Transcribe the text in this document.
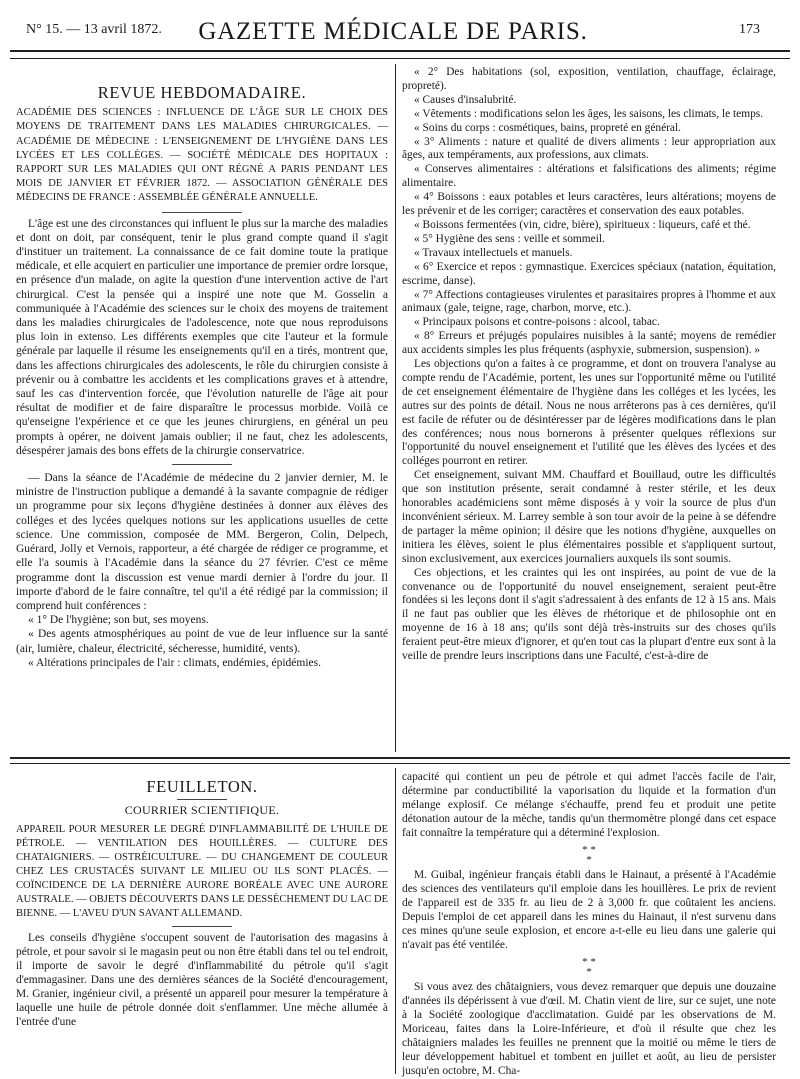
N° 15. — 13 avril 1872.	GAZETTE MÉDICALE DE PARIS.	173
REVUE HEBDOMADAIRE.

ACADÉMIE DES SCIENCES : INFLUENCE DE L'ÂGE SUR LE CHOIX DES MOYENS DE TRAITEMENT DANS LES MALADIES CHIRURGICALES. — ACADÉMIE DE MÉDECINE : L'ENSEIGNEMENT DE L'HYGIÈNE DANS LES LYCÉES ET LES COLLÈGES. — SOCIÉTÉ MÉDICALE DES HOPITAUX : RAPPORT SUR LES MALADIES QUI ONT RÉGNÉ A PARIS PENDANT LES MOIS DE JANVIER ET FÉVRIER 1872. — ASSOCIATION GÉNÉRALE DES MÉDECINS DE FRANCE : ASSEMBLÉE GÉNÉRALE ANNUELLE.

L'âge est une des circonstances qui influent le plus sur la marche des maladies et dont on doit, par conséquent, tenir le plus grand compte quand il s'agit d'instituer un traitement. La connaissance de ce fait domine toute la pratique médicale, et elle acquiert en particulier une importance de premier ordre lorsque, en présence d'un malade, on agite la question d'une intervention active de l'art chirurgical. C'est la pensée qui a inspiré une note que M. Gosselin a communiquée à l'Académie des sciences sur le choix des moyens de traitement dans les maladies chirurgicales de l'adolescence, note que nous reproduisons plus loin in extenso. Les différents exemples que cite l'auteur et la formule générale par laquelle il résume les enseignements qu'il en a tirés, montrent que, dans les affections chirurgicales des adolescents, le rôle du chirurgien consiste à prévenir ou à combattre les accidents et les complications graves et à attendre, sauf les cas d'intervention forcée, que l'évolution naturelle de l'âge ait pour résultat de modifier et de faire disparaître le processus morbide. Voilà ce qu'enseigne l'expérience et ce que les jeunes chirurgiens, en général un peu prompts à opérer, ne doivent jamais oublier; il ne faut, chez les adolescents, désespérer jamais des bons effets de la chirurgie conservatrice.

— Dans la séance de l'Académie de médecine du 2 janvier dernier, M. le ministre de l'instruction publique a demandé à la savante compagnie de rédiger un programme pour six leçons d'hygiène destinées à donner aux élèves des colléges et des lycées quelques notions sur les applications usuelles de cette science. Une commission, composée de MM. Bergeron, Colin, Delpech, Guérard, Jolly et Vernois, rapporteur, a été chargée de rédiger ce programme, et elle l'a soumis à l'Académie dans la séance du 27 février. C'est ce même programme dont la discussion est venue mardi dernier à l'ordre du jour. Il importe d'abord de le faire connaître, tel qu'il a été rédigé par la commission; il comprend huit conférences :

« 1° De l'hygiène; son but, ses moyens.

« Des agents atmosphériques au point de vue de leur influence sur la santé (air, lumière, chaleur, électricité, sécheresse, humidité, vents).

« Altérations principales de l'air : climats, endémies, épidémies.

« 2° Des habitations (sol, exposition, ventilation, chauffage, éclairage, propreté).

« Causes d'insalubrité.

« Vêtements : modifications selon les âges, les saisons, les climats, le temps.

« Soins du corps : cosmétiques, bains, propreté en général.

« 3° Aliments : nature et qualité de divers aliments : leur appropriation aux âges, aux tempéraments, aux professions, aux climats.

« Conserves alimentaires : altérations et falsifications des aliments; régime alimentaire.

« 4° Boissons : eaux potables et leurs caractères, leurs altérations; moyens de les prévenir et de les corriger; caractères et conservation des eaux potables.

« Boissons fermentées (vin, cidre, bière), spiritueux : liqueurs, café et thé.

« 5° Hygiène des sens : veille et sommeil.

« Travaux intellectuels et manuels.

« 6° Exercice et repos : gymnastique. Exercices spéciaux (natation, équitation, escrime, danse).

« 7° Affections contagieuses virulentes et parasitaires propres à l'homme et aux animaux (gale, teigne, rage, charbon, morve, etc.).

« Principaux poisons et contre-poisons : alcool, tabac.

« 8° Erreurs et préjugés populaires nuisibles à la santé; moyens de remédier aux accidents simples les plus fréquents (asphyxie, submersion, suspension). »

Les objections qu'on a faites à ce programme, et dont on trouvera l'analyse au compte rendu de l'Académie, portent, les unes sur l'opportunité même ou l'utilité de cet enseignement élémentaire de l'hygiène dans les colléges et les lycées, les autres sur des points de détail. Nous ne nous arrêterons pas à ces dernières, qu'il est facile de réfuter ou de désintéresser par de légères modifications dans le plan des conférences; nous nous bornerons à présenter quelques réflexions sur l'opportunité du nouvel enseignement et l'utilité que les élèves des lycées et des colléges pourront en retirer.

Cet enseignement, suivant MM. Chauffard et Bouillaud, outre les difficultés que son institution présente, serait condamné à rester stérile, et les deux honorables académiciens sont même disposés à y voir la source de plus d'un inconvénient sérieux. M. Larrey semble à son tour avoir de la peine à se défendre de partager la même opinion; il désire que les notions d'hygiène, auxquelles on initiera les élèves, soient le plus élémentaires possible et s'appliquent surtout, sinon exclusivement, aux exercices journaliers auxquels ils sont soumis.

Ces objections, et les craintes qui les ont inspirées, au point de vue de la convenance ou de l'opportunité du nouvel enseignement, seraient peut-être fondées si les leçons dont il s'agit s'adressaient à des enfants de 12 à 15 ans. Mais il ne faut pas oublier que les élèves de rhétorique et de philosophie ont en moyenne de 16 à 18 ans; qu'ils sont déjà très-instruits sur des choses qu'ils feraient peut-être mieux d'ignorer, et qu'en tout cas la plupart d'entre eux sont à la veille de prendre leurs inscriptions dans une Faculté, c'est-à-dire de

FEUILLETON.
COURRIER SCIENTIFIQUE.

APPAREIL POUR MESURER LE DEGRÉ D'INFLAMMABILITÉ DE L'HUILE DE PÉTROLE. — VENTILATION DES HOUILLÈRES. — CULTURE DES CHATAIGNIERS. — OSTRÉICULTURE. — DU CHANGEMENT DE COULEUR CHEZ LES CRUSTACÉS SUIVANT LE MILIEU OU ILS SONT PLACÉS. — COÏNCIDENCE DE LA DERNIÈRE AURORE BORÉALE AVEC UNE AURORE AUSTRALE. — OBJETS DÉCOUVERTS DANS LE DESSÈCHEMENT DU LAC DE BIENNE. — L'AVEU D'UN SAVANT ALLEMAND.

Les conseils d'hygiène s'occupent souvent de l'autorisation des magasins à pétrole, et pour savoir si le magasin peut ou non être établi dans tel ou tel endroit, il importe de savoir le degré d'inflammabilité du pétrole qu'il s'agit d'emmagasiner. Dans une des dernières séances de la Société d'encouragement, M. Granier, ingénieur civil, a présenté un appareil pour mesurer la température à laquelle une huile de pétrole donnée doit s'enflammer. Une mèche allumée à l'entrée d'une

capacité qui contient un peu de pétrole et qui admet l'accès facile de l'air, détermine par conductibilité la vaporisation du liquide et la formation d'un mélange explosif. Ce mélange s'échauffe, prend feu et produit une petite détonation autour de la mèche, tandis qu'un thermomètre plongé dans cet espace fait connaître la température qui a déterminé l'explosion.

* *
*

M. Guibal, ingénieur français établi dans le Hainaut, a présenté à l'Académie des sciences des ventilateurs qu'il emploie dans les houillères. Le prix de revient de l'appareil est de 335 fr. au lieu de 2 à 3,000 fr. que coûtaient les anciens. Depuis l'emploi de cet appareil dans les mines du Hainaut, il n'est survenu dans ces mines qu'une seule explosion, et encore a-t-elle eu lieu dans une galerie qui n'avait pas été ventilée.

* *
*

Si vous avez des châtaigniers, vous devez remarquer que depuis une douzaine d'années ils dépérissent à vue d'œil. M. Chatin vient de lire, sur ce sujet, une note à la Société zoologique d'acclimatation. Guidé par les observations de M. Moriceau, faites dans la Loire-Inférieure, et d'où il résulte que chez les châtaigniers malades les feuilles ne prennent que la moitié ou même le tiers de leur développement habituel et tombent en juillet et août, au lieu de persister jusqu'en octobre, M. Cha-
